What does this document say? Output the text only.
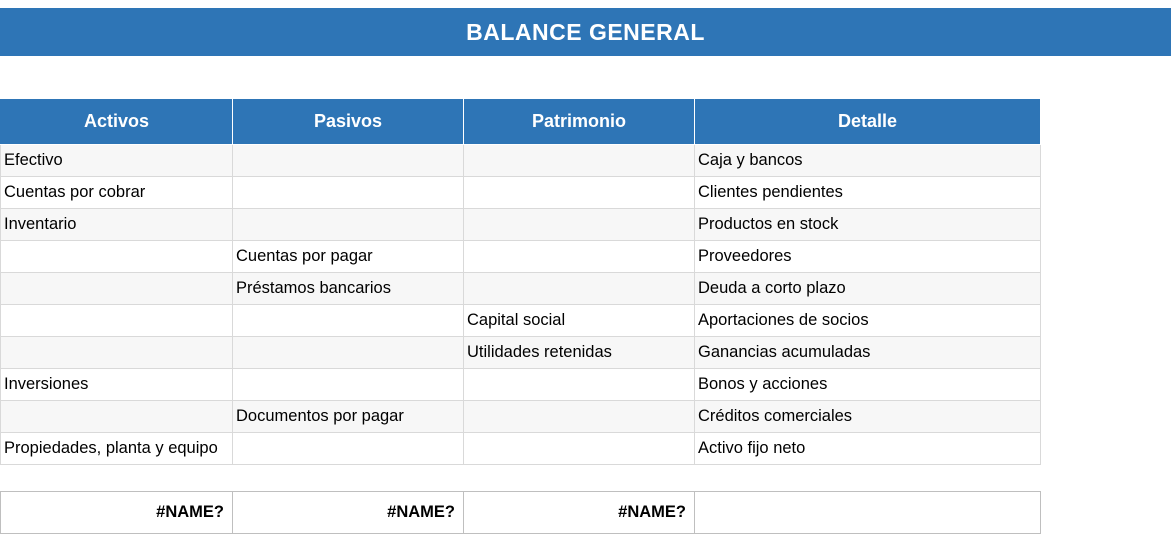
BALANCE GENERAL
Activos	Pasivos	Patrimonio	Detalle
Efectivo			Caja y bancos
Cuentas por cobrar			Clientes pendientes
Inventario			Productos en stock
	Cuentas por pagar		Proveedores
	Préstamos bancarios		Deuda a corto plazo
		Capital social	Aportaciones de socios
		Utilidades retenidas	Ganancias acumuladas
Inversiones			Bonos y acciones

	Documentos por pagar		Créditos comerciales

Propiedades, planta y equipo			Activo fijo neto
#NAME?	#NAME?	#NAME?	
